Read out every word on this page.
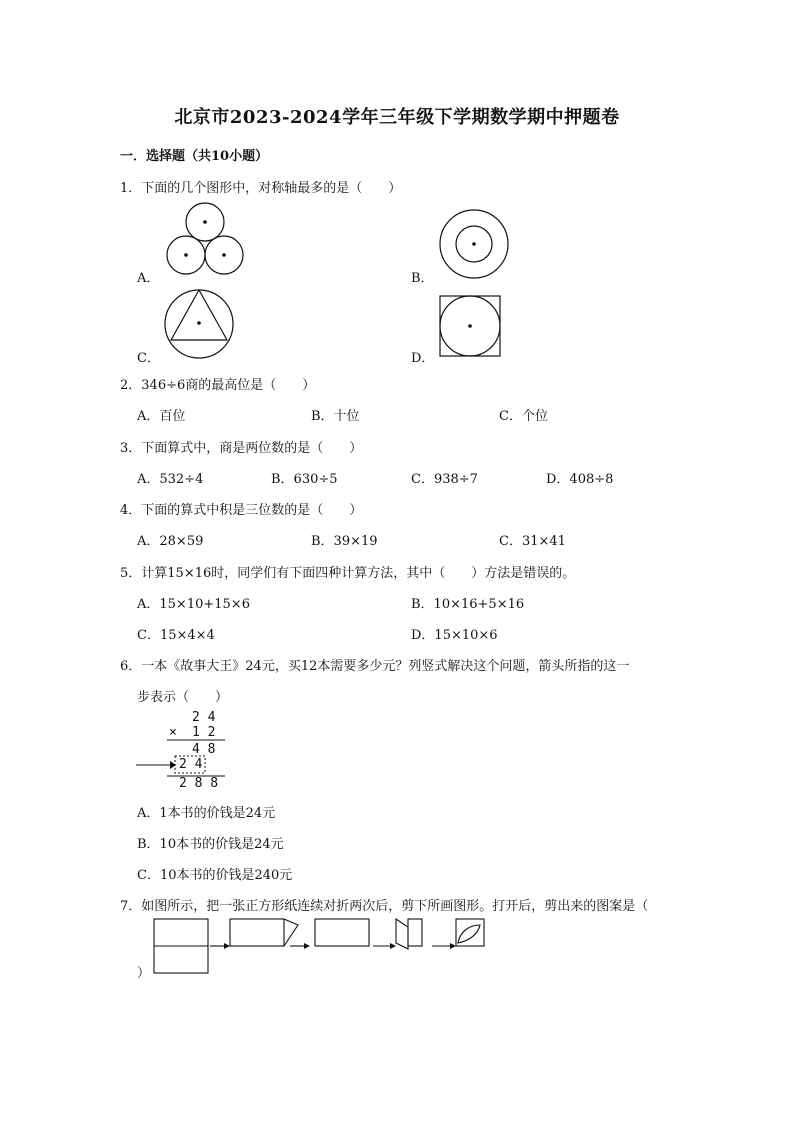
北京市2023-2024学年三年级下学期数学期中押题卷
一．选择题（共10小题）
1．下面的几个图形中，对称轴最多的是（　　）
A．	B．
C．	D．
2．346÷6商的最高位是（　　）
A．百位	B．十位	C．个位
3．下面算式中，商是两位数的是（　　）
A．532÷4	B．630÷5	C．938÷7	D．408÷8
4．下面的算式中积是三位数的是（　　）
A．28×59	B．39×19	C．31×41
5．计算15×16时，同学们有下面四种计算方法，其中（　　）方法是错误的。
A．15×10+15×6	B．10×16+5×16
C．15×4×4	D．15×10×6
6．一本《故事大王》24元，买12本需要多少元？列竖式解决这个问题，箭头所指的这一
步表示（　　）
2 4
× 1 2
4 8
2 4
2 8 8
A．1本书的价钱是24元
B．10本书的价钱是24元
C．10本书的价钱是240元
7．如图所示，把一张正方形纸连续对折两次后，剪下所画图形。打开后，剪出来的图案是（
）
